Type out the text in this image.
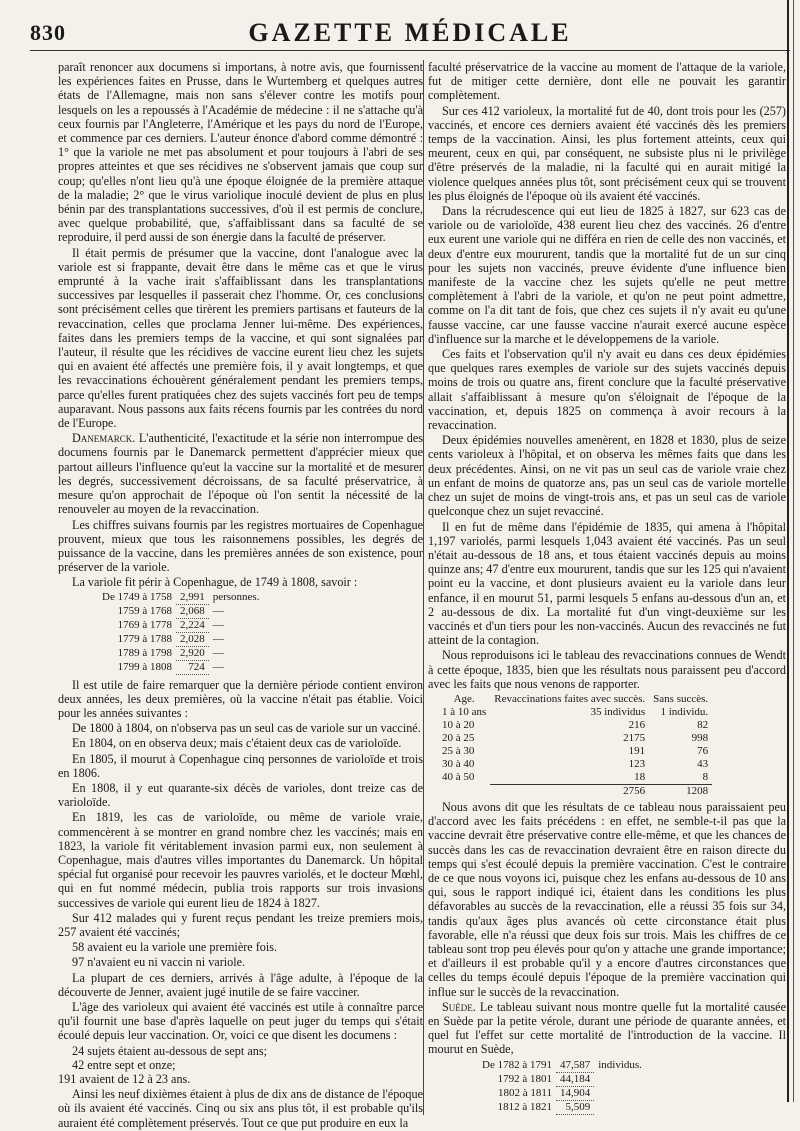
830	GAZETTE MÉDICALE

paraît renoncer aux documens si importans, à notre avis, que fournissent les expériences faites en Prusse, dans le Wurtemberg et quelques autres états de l'Allemagne, mais non sans s'élever contre les motifs pour lesquels on les a repoussés à l'Académie de médecine : il ne s'attache qu'à ceux fournis par l'Angleterre, l'Amérique et les pays du nord de l'Europe, et commence par ces derniers. L'auteur énonce d'abord comme démontré : 1° que la variole ne met pas absolument et pour toujours à l'abri de ses propres atteintes et que ses récidives ne s'observent jamais que coup sur coup; qu'elles n'ont lieu qu'à une époque éloignée de la première attaque de la maladie; 2° que le virus variolique inoculé devient de plus en plus bénin par des transplantations successives, d'où il est permis de conclure, avec quelque probabilité, que, s'affaiblissant dans sa faculté de se reproduire, il perd aussi de son énergie dans la faculté de préserver.

Il était permis de présumer que la vaccine, dont l'analogue avec la variole est si frappante, devait être dans le même cas et que le virus emprunté à la vache irait s'affaiblissant dans les transplantations successives par lesquelles il passerait chez l'homme. Or, ces conclusions sont précisément celles que tirèrent les premiers partisans et fauteurs de la revaccination, celles que proclama Jenner lui-même. Des expériences, faites dans les premiers temps de la vaccine, et qui sont signalées par l'auteur, il résulte que les récidives de vaccine eurent lieu chez les sujets qui en avaient été affectés une première fois, il y avait longtemps, et que les revaccinations échouèrent généralement pendant les premiers temps, parce qu'elles furent pratiquées chez des sujets vaccinés fort peu de temps auparavant. Nous passons aux faits récens fournis par les contrées du nord de l'Europe.

Danemarck. L'authenticité, l'exactitude et la série non interrompue des documens fournis par le Danemarck permettent d'apprécier mieux que partout ailleurs l'influence qu'eut la vaccine sur la mortalité et de mesurer les degrés, successivement décroissans, de sa faculté préservatrice, à mesure qu'on approchait de l'époque où l'on sentit la nécessité de la renouveler au moyen de la revaccination.

Les chiffres suivans fournis par les registres mortuaires de Copenhague prouvent, mieux que tous les raisonnemens possibles, les degrés de puissance de la vaccine, dans les premières années de son existence, pour préserver de la variole.

La variole fit périr à Copenhague, de 1749 à 1808, savoir :

De 1749 à 1758	2,991	personnes.
1759 à 1768	2,068	—
1769 à 1778	2,224	—
1779 à 1788	2,028	—
1789 à 1798	2,920	—
1799 à 1808	724	—

Il est utile de faire remarquer que la dernière période contient environ deux années, les deux premières, où la vaccine n'était pas établie. Voici pour les années suivantes :

De 1800 à 1804, on n'observa pas un seul cas de variole sur un vacciné.

En 1804, on en observa deux; mais c'étaient deux cas de varioloïde.

En 1805, il mourut à Copenhague cinq personnes de varioloïde et trois en 1806.

En 1808, il y eut quarante-six décès de varioles, dont treize cas de varioloïde.

En 1819, les cas de varioloïde, ou même de variole vraie, commencèrent à se montrer en grand nombre chez les vaccinés; mais en 1823, la variole fit véritablement invasion parmi eux, non seulement à Copenhague, mais d'autres villes importantes du Danemarck. Un hôpital spécial fut organisé pour recevoir les pauvres variolés, et le docteur Mœhl, qui en fut nommé médecin, publia trois rapports sur trois invasions successives de variole qui eurent lieu de 1824 à 1827.

Sur 412 malades qui y furent reçus pendant les treize premiers mois, 257 avaient été vaccinés;

58 avaient eu la variole une première fois.

97 n'avaient eu ni vaccin ni variole.

La plupart de ces derniers, arrivés à l'âge adulte, à l'époque de la découverte de Jenner, avaient jugé inutile de se faire vacciner.

L'âge des varioleux qui avaient été vaccinés est utile à connaître parce qu'il fournit une base d'après laquelle on peut juger du temps qui s'était écoulé depuis leur vaccination. Or, voici ce que disent les documens :

24 sujets étaient au-dessous de sept ans;

42 entre sept et onze;

191 avaient de 12 à 23 ans.

Ainsi les neuf dixièmes étaient à plus de dix ans de distance de l'époque où ils avaient été vaccinés. Cinq ou six ans plus tôt, il est probable qu'ils auraient été complètement préservés. Tout ce que put produire en eux la

faculté préservatrice de la vaccine au moment de l'attaque de la variole, fut de mitiger cette dernière, dont elle ne pouvait les garantir complètement.

Sur ces 412 varioleux, la mortalité fut de 40, dont trois pour les (257) vaccinés, et encore ces derniers avaient été vaccinés dès les premiers temps de la vaccination. Ainsi, les plus fortement atteints, ceux qui meurent, ceux en qui, par conséquent, ne subsiste plus ni le privilège d'être préservés de la maladie, ni la faculté qui en aurait mitigé la violence quelques années plus tôt, sont précisément ceux qui se trouvent les plus éloignés de l'époque où ils avaient été vaccinés.

Dans la récrudescence qui eut lieu de 1825 à 1827, sur 623 cas de variole ou de varioloïde, 438 eurent lieu chez des vaccinés. 26 d'entre eux eurent une variole qui ne différa en rien de celle des non vaccinés, et deux d'entre eux moururent, tandis que la mortalité fut de un sur cinq pour les sujets non vaccinés, preuve évidente d'une influence bien manifeste de la vaccine chez les sujets qu'elle ne peut mettre complètement à l'abri de la variole, et qu'on ne peut point admettre, comme on l'a dit tant de fois, que chez ces sujets il n'y avait eu qu'une fausse vaccine, car une fausse vaccine n'aurait exercé aucune espèce d'influence sur la marche et le développemens de la variole.

Ces faits et l'observation qu'il n'y avait eu dans ces deux épidémies que quelques rares exemples de variole sur des sujets vaccinés depuis moins de trois ou quatre ans, firent conclure que la faculté préservative allait s'affaiblissant à mesure qu'on s'éloignait de l'époque de la vaccination, et, depuis 1825 on commença à avoir recours à la revaccination.

Deux épidémies nouvelles amenèrent, en 1828 et 1830, plus de seize cents varioleux à l'hôpital, et on observa les mêmes faits que dans les deux précédentes. Ainsi, on ne vit pas un seul cas de variole vraie chez un enfant de moins de quatorze ans, pas un seul cas de variole mortelle chez un sujet de moins de vingt-trois ans, et pas un seul cas de variole quelconque chez un sujet revacciné.

Il en fut de même dans l'épidémie de 1835, qui amena à l'hôpital 1,197 variolés, parmi lesquels 1,043 avaient été vaccinés. Pas un seul n'était au-dessous de 18 ans, et tous étaient vaccinés depuis au moins quinze ans; 47 d'entre eux moururent, tandis que sur les 125 qui n'avaient point eu la vaccine, et dont plusieurs avaient eu la variole dans leur enfance, il en mourut 51, parmi lesquels 5 enfans au-dessous d'un an, et 2 au-dessous de dix. La mortalité fut d'un vingt-deuxième sur les vaccinés et d'un tiers pour les non-vaccinés. Aucun des revaccinés ne fut atteint de la contagion.

Nous reproduisons ici le tableau des revaccinations connues de Wendt à cette époque, 1835, bien que les résultats nous paraissent peu d'accord avec les faits que nous venons de rapporter.

Age.	Revaccinations faites avec succès.	Sans succès.
1 à 10 ans	35 individus	1 individu.
10 à 20	216	82
20 à 25	2175	998
25 à 30	191	76
30 à 40	123	43
40 à 50	18	8
	2756	1208

Nous avons dit que les résultats de ce tableau nous paraissaient peu d'accord avec les faits précédens : en effet, ne semble-t-il pas que la vaccine devrait être préservative contre elle-même, et que les chances de succès dans les cas de revaccination devraient être en raison directe du temps qui s'est écoulé depuis la première vaccination. C'est le contraire de ce que nous voyons ici, puisque chez les enfans au-dessous de 10 ans qui, sous le rapport indiqué ici, étaient dans les conditions les plus défavorables au succès de la revaccination, elle a réussi 35 fois sur 34, tandis qu'aux âges plus avancés où cette circonstance était plus favorable, elle n'a réussi que deux fois sur trois. Mais les chiffres de ce tableau sont trop peu élevés pour qu'on y attache une grande importance; et d'ailleurs il est probable qu'il y a encore d'autres circonstances que celles du temps écoulé depuis l'époque de la première vaccination qui influe sur le succès de la revaccination.

Suède. Le tableau suivant nous montre quelle fut la mortalité causée en Suède par la petite vérole, durant une période de quarante années, et quel fut l'effet sur cette mortalité de l'introduction de la vaccine. Il mourut en Suède,

De 1782 à 1791	47,587	individus.
1792 à 1801	44,184	
1802 à 1811	14,904	
1812 à 1821	5,509	
